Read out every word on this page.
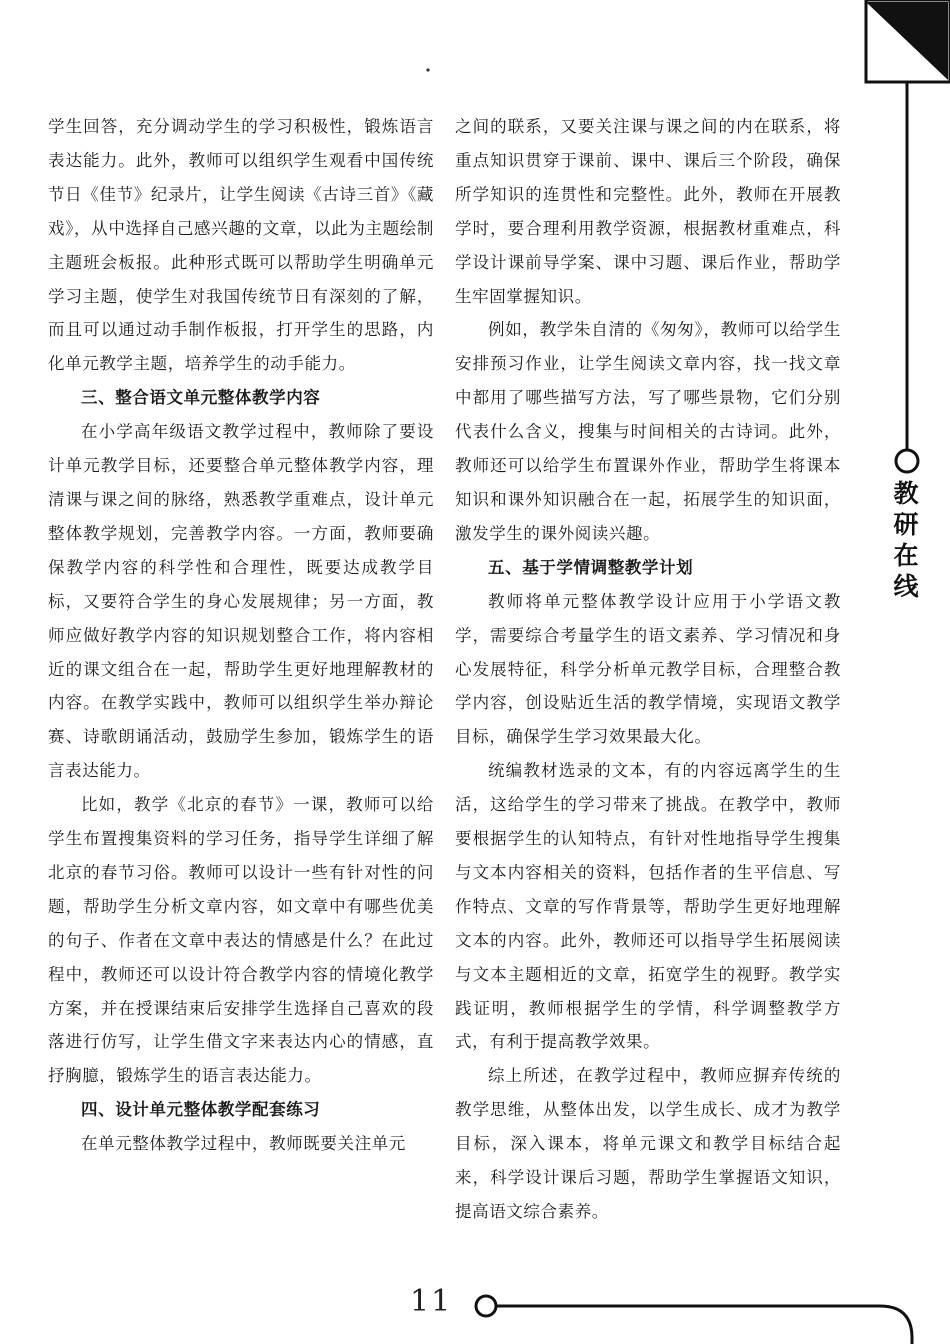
学生回答，充分调动学生的学习积极性，锻炼语言表达能力。此外，教师可以组织学生观看中国传统节日《佳节》纪录片，让学生阅读《古诗三首》《藏戏》，从中选择自己感兴趣的文章，以此为主题绘制主题班会板报。此种形式既可以帮助学生明确单元学习主题，使学生对我国传统节日有深刻的了解，而且可以通过动手制作板报，打开学生的思路，内化单元教学主题，培养学生的动手能力。

三、整合语文单元整体教学内容

在小学高年级语文教学过程中，教师除了要设计单元教学目标，还要整合单元整体教学内容，理清课与课之间的脉络，熟悉教学重难点，设计单元整体教学规划，完善教学内容。一方面，教师要确保教学内容的科学性和合理性，既要达成教学目标，又要符合学生的身心发展规律；另一方面，教师应做好教学内容的知识规划整合工作，将内容相近的课文组合在一起，帮助学生更好地理解教材的内容。在教学实践中，教师可以组织学生举办辩论赛、诗歌朗诵活动，鼓励学生参加，锻炼学生的语言表达能力。

比如，教学《北京的春节》一课，教师可以给学生布置搜集资料的学习任务，指导学生详细了解北京的春节习俗。教师可以设计一些有针对性的问题，帮助学生分析文章内容，如文章中有哪些优美的句子、作者在文章中表达的情感是什么？在此过程中，教师还可以设计符合教学内容的情境化教学方案，并在授课结束后安排学生选择自己喜欢的段落进行仿写，让学生借文字来表达内心的情感，直抒胸臆，锻炼学生的语言表达能力。

四、设计单元整体教学配套练习

在单元整体教学过程中，教师既要关注单元

之间的联系，又要关注课与课之间的内在联系，将重点知识贯穿于课前、课中、课后三个阶段，确保所学知识的连贯性和完整性。此外，教师在开展教学时，要合理利用教学资源，根据教材重难点，科学设计课前导学案、课中习题、课后作业，帮助学生牢固掌握知识。

例如，教学朱自清的《匆匆》，教师可以给学生安排预习作业，让学生阅读文章内容，找一找文章中都用了哪些描写方法，写了哪些景物，它们分别代表什么含义，搜集与时间相关的古诗词。此外，教师还可以给学生布置课外作业，帮助学生将课本知识和课外知识融合在一起，拓展学生的知识面，激发学生的课外阅读兴趣。

五、基于学情调整教学计划

教师将单元整体教学设计应用于小学语文教学，需要综合考量学生的语文素养、学习情况和身心发展特征，科学分析单元教学目标，合理整合教学内容，创设贴近生活的教学情境，实现语文教学目标，确保学生学习效果最大化。

统编教材选录的文本，有的内容远离学生的生活，这给学生的学习带来了挑战。在教学中，教师要根据学生的认知特点，有针对性地指导学生搜集与文本内容相关的资料，包括作者的生平信息、写作特点、文章的写作背景等，帮助学生更好地理解文本的内容。此外，教师还可以指导学生拓展阅读与文本主题相近的文章，拓宽学生的视野。教学实践证明，教师根据学生的学情，科学调整教学方式，有利于提高教学效果。

综上所述，在教学过程中，教师应摒弃传统的教学思维，从整体出发，以学生成长、成才为教学目标，深入课本，将单元课文和教学目标结合起来，科学设计课后习题，帮助学生掌握语文知识，提高语文综合素养。

教研在线
11
